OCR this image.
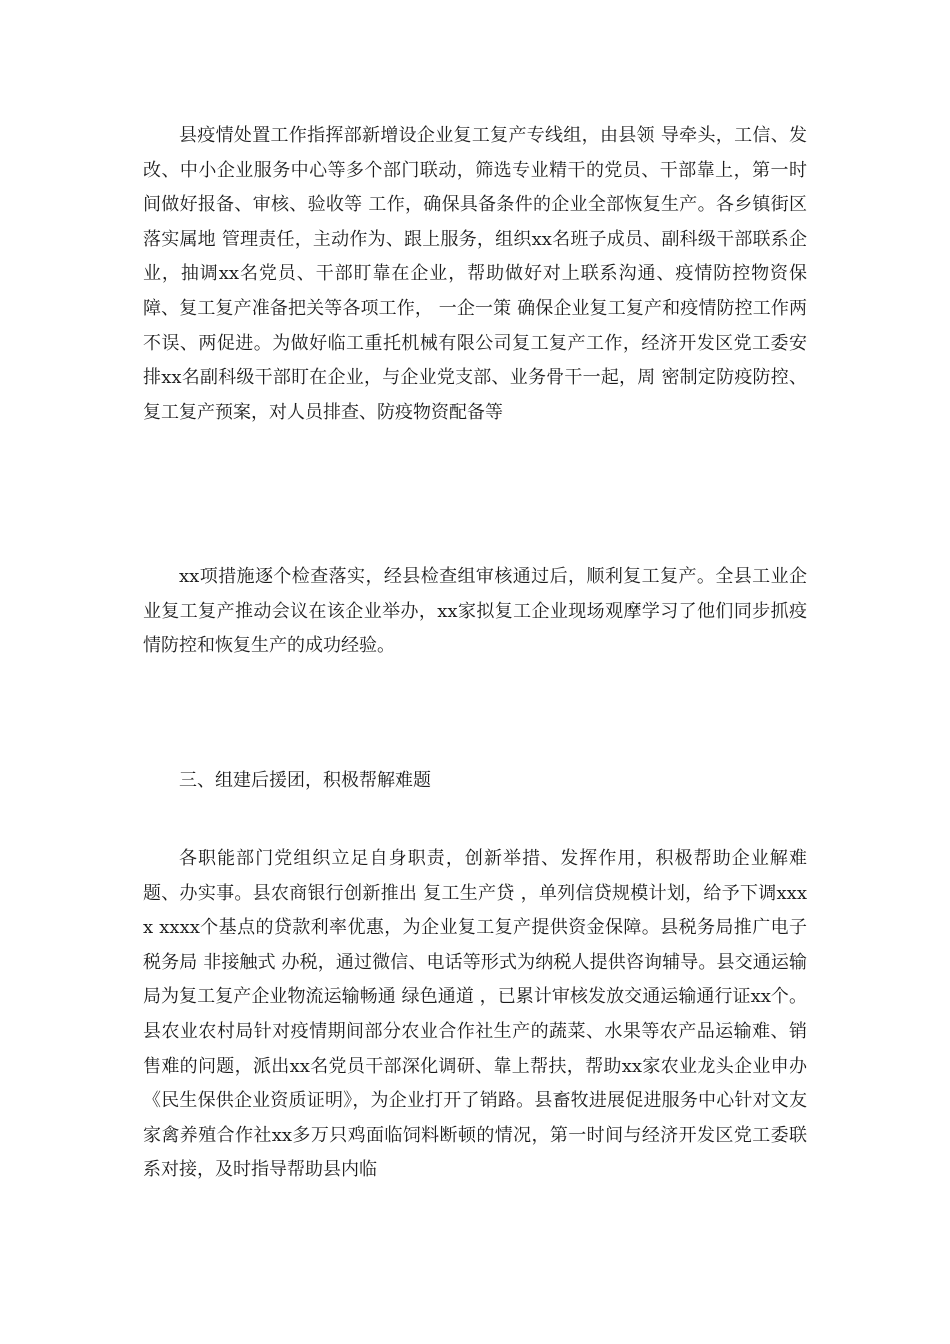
县疫情处置工作指挥部新增设企业复工复产专线组，由县领 导牵头，工信、发改、中小企业服务中心等多个部门联动，筛选专业精干的党员、干部靠上，第一时间做好报备、审核、验收等 工作，确保具备条件的企业全部恢复生产。各乡镇街区落实属地 管理责任，主动作为、跟上服务，组织xx名班子成员、副科级干部联系企业，抽调xx名党员、干部盯靠在企业，帮助做好对上联系沟通、疫情防控物资保障、复工复产准备把关等各项工作， 一企一策 确保企业复工复产和疫情防控工作两不误、两促进。为做好临工重托机械有限公司复工复产工作，经济开发区党工委安 排xx名副科级干部盯在企业，与企业党支部、业务骨干一起，周 密制定防疫防控、复工复产预案，对人员排查、防疫物资配备等

xx项措施逐个检查落实，经县检查组审核通过后，顺利复工复产。全县工业企业复工复产推动会议在该企业举办，xx家拟复工企业现场观摩学习了他们同步抓疫情防控和恢复生产的成功经验。

三、组建后援团，积极帮解难题

各职能部门党组织立足自身职责，创新举措、发挥作用，积极帮助企业解难题、办实事。县农商银行创新推出 复工生产贷 ，单列信贷规模计划，给予下调xxxx xxxx个基点的贷款利率优惠，为企业复工复产提供资金保障。县税务局推广电子税务局 非接触式 办税，通过微信、电话等形式为纳税人提供咨询辅导。县交通运输局为复工复产企业物流运输畅通 绿色通道 ，已累计审核发放交通运输通行证xx个。县农业农村局针对疫情期间部分农业合作社生产的蔬菜、水果等农产品运输难、销售难的问题，派出xx名党员干部深化调研、靠上帮扶，帮助xx家农业龙头企业申办《民生保供企业资质证明》，为企业打开了销路。县畜牧进展促进服务中心针对文友家禽养殖合作社xx多万只鸡面临饲料断顿的情况，第一时间与经济开发区党工委联系对接，及时指导帮助县内临
